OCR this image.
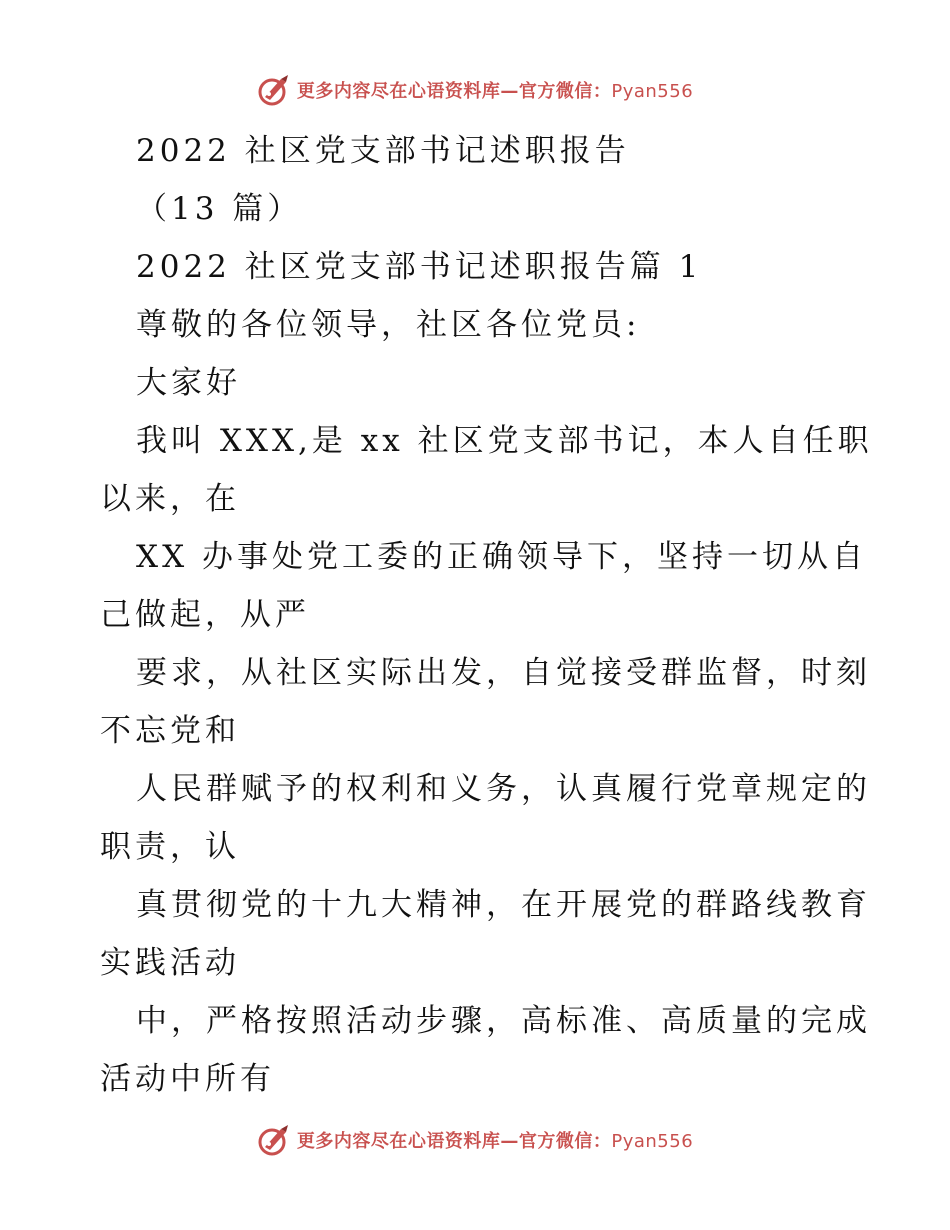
更多内容尽在心语资料库—官方微信：Pyan556
2022 社区党支部书记述职报告
（13 篇）
2022 社区党支部书记述职报告篇 1
尊敬的各位领导，社区各位党员:
大家好
我叫 XXX,是 xx 社区党支部书记，本人自任职
以来，在
XX 办事处党工委的正确领导下，坚持一切从自
己做起，从严
要求，从社区实际出发，自觉接受群监督，时刻
不忘党和
人民群赋予的权利和义务，认真履行党章规定的
职责，认
真贯彻党的十九大精神，在开展党的群路线教育
实践活动
中，严格按照活动步骤，高标准、高质量的完成
活动中所有
更多内容尽在心语资料库—官方微信：Pyan556
